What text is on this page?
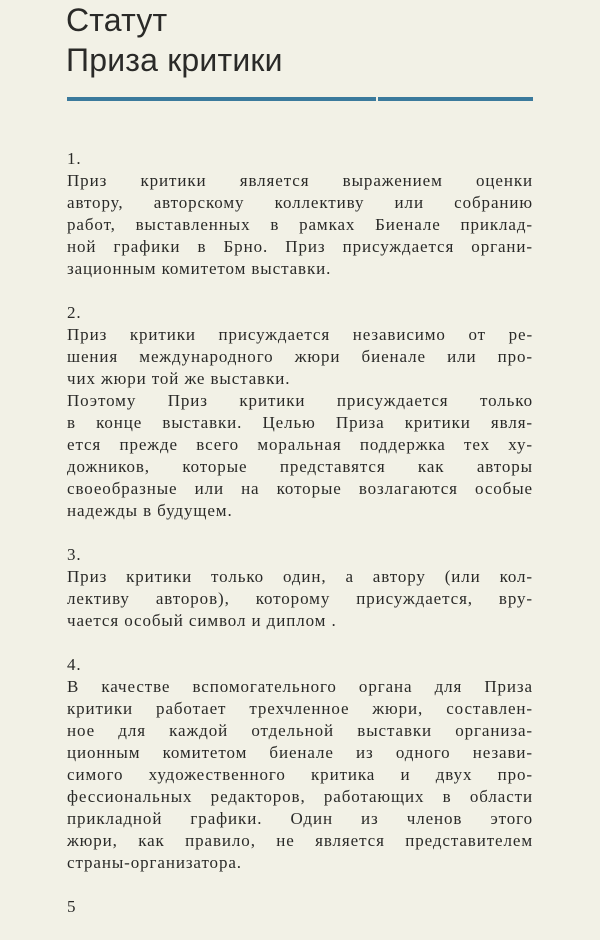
Статут
Приза критики
1.
Приз критики является выражением оценки
автору, авторскому коллективу или собранию
работ, выставленных в рамках Биенале приклад-
ной графики в Брно. Приз присуждается органи-
зационным комитетом выставки.
2.
Приз критики присуждается независимо от ре-
шения международного жюри биенале или про-
чих жюри той же выставки.
Поэтому Приз критики присуждается только
в конце выставки. Целью Приза критики явля-
ется прежде всего моральная поддержка тех ху-
дожников, которые представятся как авторы
своеобразные или на которые возлагаются особые
надежды в будущем.
3.
Приз критики только один, а автору (или кол-
лективу авторов), которому присуждается, вру-
чается особый символ и диплом .
4.
В качестве вспомогательного органа для Приза
критики работает трехчленное жюри, составлен-
ное для каждой отдельной выставки организа-
ционным комитетом биенале из одного незави-
симого художественного критика и двух про-
фессиональных редакторов, работающих в области
прикладной графики. Один из членов этого
жюри, как правило, не является представителем
страны-организатора.
5
